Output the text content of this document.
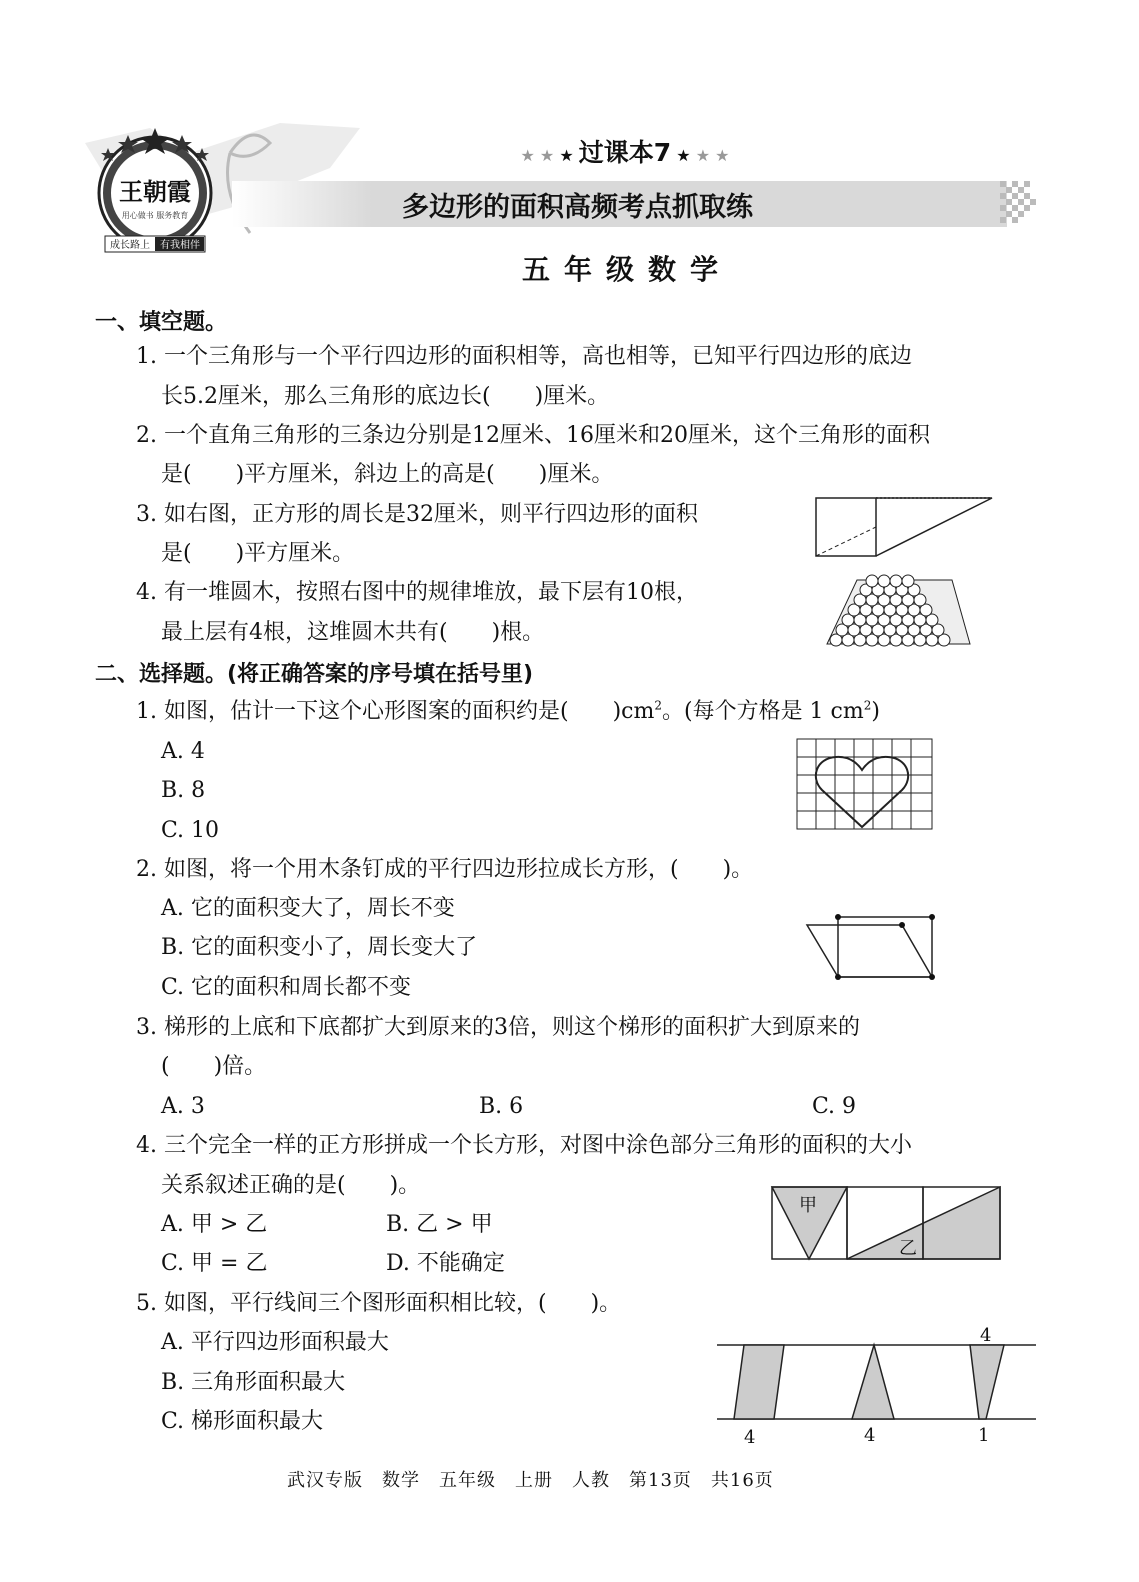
王朝霞
用心做书 服务教育
成长路上 有我相伴
★ ★ ★ 过课本7 ★ ★ ★
多边形的面积高频考点抓取练
五年级数学
一、填空题。
1. 一个三角形与一个平行四边形的面积相等，高也相等，已知平行四边形的底边
长5.2厘米，那么三角形的底边长(　　)厘米。
2. 一个直角三角形的三条边分别是12厘米、16厘米和20厘米，这个三角形的面积
是(　　)平方厘米，斜边上的高是(　　)厘米。
3. 如右图，正方形的周长是32厘米，则平行四边形的面积
是(　　)平方厘米。
4. 有一堆圆木，按照右图中的规律堆放，最下层有10根，
最上层有4根，这堆圆木共有(　　)根。
二、选择题。(将正确答案的序号填在括号里)
1. 如图，估计一下这个心形图案的面积约是(　　)$cm^2$。(每个方格是 1 $cm^2$)
A. 4
B. 8
C. 10
2. 如图，将一个用木条钉成的平行四边形拉成长方形，(　　)。
A. 它的面积变大了，周长不变
B. 它的面积变小了，周长变大了
C. 它的面积和周长都不变
3. 梯形的上底和下底都扩大到原来的3倍，则这个梯形的面积扩大到原来的
(　　)倍。
A. 3	B. 6	C. 9
4. 三个完全一样的正方形拼成一个长方形，对图中涂色部分三角形的面积的大小
关系叙述正确的是(　　)。
A. 甲 > 乙	B. 乙 > 甲
C. 甲 = 乙	D. 不能确定
甲
乙
5. 如图，平行线间三个图形面积相比较，(　　)。
A. 平行四边形面积最大
B. 三角形面积最大
C. 梯形面积最大
4	4
4
1
武汉专版　数学　五年级　上册　人教　第13页　共16页
